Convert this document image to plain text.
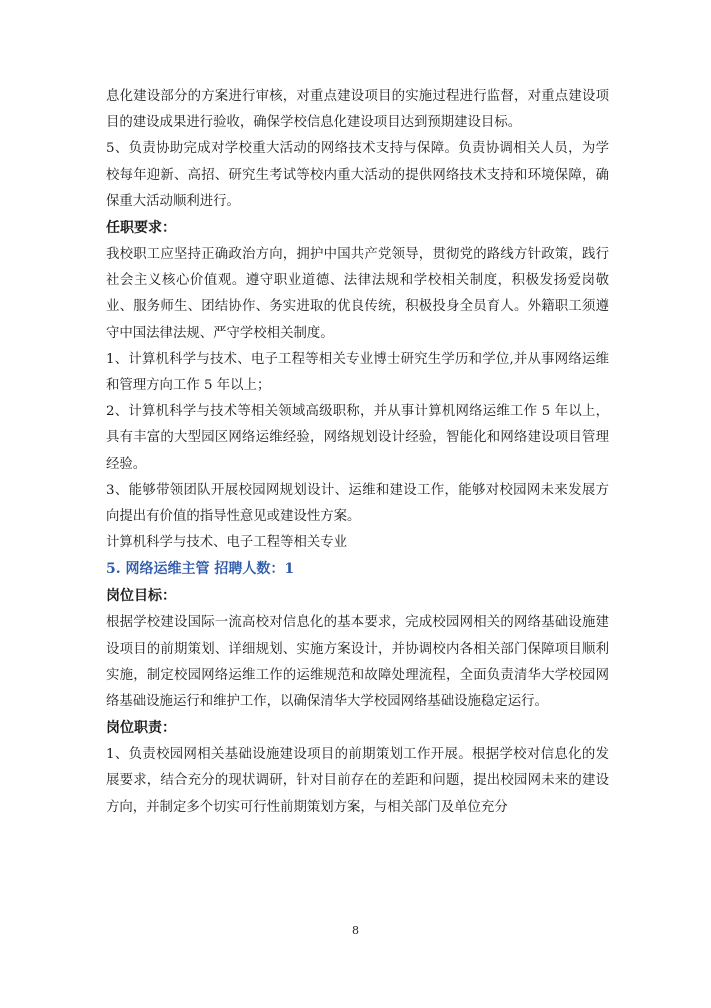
息化建设部分的方案进行审核，对重点建设项目的实施过程进行监督，对重点建设项目的建设成果进行验收，确保学校信息化建设项目达到预期建设目标。

5、负责协助完成对学校重大活动的网络技术支持与保障。负责协调相关人员，为学校每年迎新、高招、研究生考试等校内重大活动的提供网络技术支持和环境保障，确保重大活动顺利进行。

任职要求：

我校职工应坚持正确政治方向，拥护中国共产党领导，贯彻党的路线方针政策，践行社会主义核心价值观。遵守职业道德、法律法规和学校相关制度，积极发扬爱岗敬业、服务师生、团结协作、务实进取的优良传统，积极投身全员育人。外籍职工须遵守中国法律法规、严守学校相关制度。

1、计算机科学与技术、电子工程等相关专业博士研究生学历和学位,并从事网络运维和管理方向工作 5 年以上；

2、计算机科学与技术等相关领域高级职称，并从事计算机网络运维工作 5 年以上，具有丰富的大型园区网络运维经验，网络规划设计经验，智能化和网络建设项目管理经验。

3、能够带领团队开展校园网规划设计、运维和建设工作，能够对校园网未来发展方向提出有价值的指导性意见或建设性方案。

计算机科学与技术、电子工程等相关专业

5. 网络运维主管 招聘人数：1

岗位目标：

根据学校建设国际一流高校对信息化的基本要求，完成校园网相关的网络基础设施建设项目的前期策划、详细规划、实施方案设计，并协调校内各相关部门保障项目顺利实施，制定校园网络运维工作的运维规范和故障处理流程，全面负责清华大学校园网络基础设施运行和维护工作，以确保清华大学校园网络基础设施稳定运行。

岗位职责：

1、负责校园网相关基础设施建设项目的前期策划工作开展。根据学校对信息化的发展要求，结合充分的现状调研，针对目前存在的差距和问题，提出校园网未来的建设方向，并制定多个切实可行性前期策划方案，与相关部门及单位充分

8
